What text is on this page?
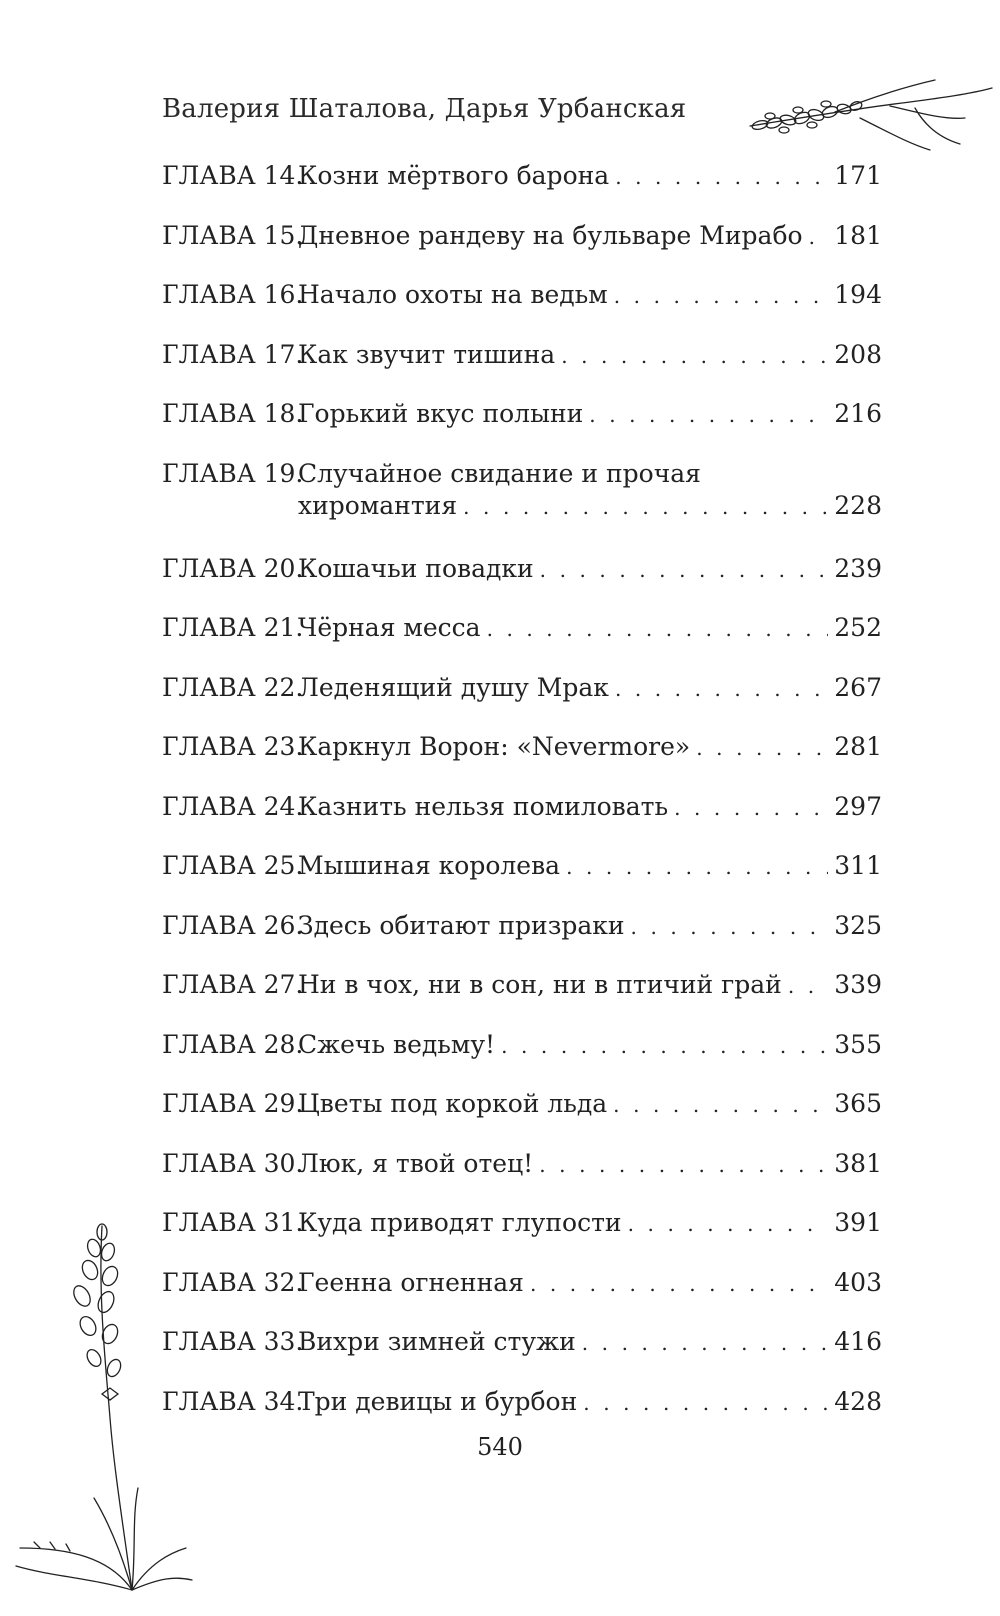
Валерия Шаталова, Дарья Урбанская
ГЛАВА 14.
Козни мёртвого барона . . .	171
ГЛАВА 15.
Дневное рандеву на бульваре Мирабо . . . 181
ГЛАВА 16.
Начало охоты на ведьм . . .	194
ГЛАВА 17.
Как звучит тишина . . .	208
ГЛАВА 18.
Горький вкус полыни . . .	216
ГЛАВА 19.
Случайное свидание и прочая
хиромантия . . .	228
ГЛАВА 20.
Кошачьи повадки . . .	239
ГЛАВА 21.
Чёрная месса . . .	252
ГЛАВА 22.
Леденящий душу Мрак . . .	267
ГЛАВА 23.
Каркнул Ворон: «Nevermore» . . .	281
ГЛАВА 24.
Казнить нельзя помиловать . . .	297
ГЛАВА 25.
Мышиная королева . . .	311
ГЛАВА 26.
Здесь обитают призраки . . .	325
ГЛАВА 27.
Ни в чох, ни в сон, ни в птичий грай . . . 339
ГЛАВА 28.
Сжечь ведьму! . . .	355
ГЛАВА 29.
Цветы под коркой льда . . .	365
ГЛАВА 30.
Люк, я твой отец! . . .	381
ГЛАВА 31.
Куда приводят глупости . . .	391
ГЛАВА 32.
Геенна огненная . . .	403
ГЛАВА 33.
Вихри зимней стужи . . .	416
ГЛАВА 34.
Три девицы и бурбон . . .	428
540
